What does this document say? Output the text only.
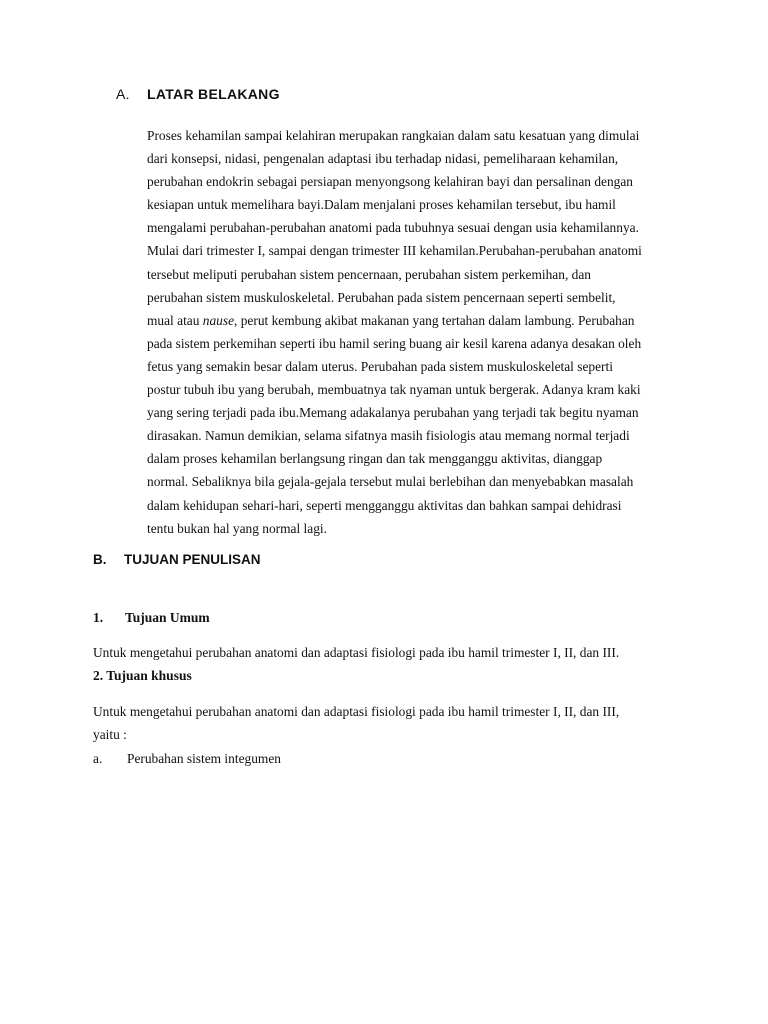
A. LATAR BELAKANG
Proses kehamilan sampai kelahiran merupakan rangkaian dalam satu kesatuan yang dimulai
dari konsepsi, nidasi, pengenalan adaptasi ibu terhadap nidasi, pemeliharaan kehamilan,
perubahan endokrin sebagai persiapan menyongsong kelahiran bayi dan persalinan dengan
kesiapan untuk memelihara bayi.Dalam menjalani proses kehamilan tersebut, ibu hamil
mengalami perubahan-perubahan anatomi pada tubuhnya sesuai dengan usia kehamilannya.
Mulai dari trimester I, sampai dengan trimester III kehamilan.Perubahan-perubahan anatomi
tersebut meliputi perubahan sistem pencernaan, perubahan sistem perkemihan, dan
perubahan sistem muskuloskeletal. Perubahan pada sistem pencernaan seperti sembelit,
mual atau nause, perut kembung akibat makanan yang tertahan dalam lambung. Perubahan
pada sistem perkemihan seperti ibu hamil sering buang air kesil karena adanya desakan oleh
fetus yang semakin besar dalam uterus. Perubahan pada sistem muskuloskeletal seperti
postur tubuh ibu yang berubah, membuatnya tak nyaman untuk bergerak. Adanya kram kaki
yang sering terjadi pada ibu.Memang adakalanya perubahan yang terjadi tak begitu nyaman
dirasakan. Namun demikian, selama sifatnya masih fisiologis atau memang normal terjadi
dalam proses kehamilan berlangsung ringan dan tak mengganggu aktivitas, dianggap
normal. Sebaliknya bila gejala-gejala tersebut mulai berlebihan dan menyebabkan masalah
dalam kehidupan sehari-hari, seperti mengganggu aktivitas dan bahkan sampai dehidrasi
tentu bukan hal yang normal lagi.
B. TUJUAN PENULISAN
1. Tujuan Umum
Untuk mengetahui perubahan anatomi dan adaptasi fisiologi pada ibu hamil trimester I, II, dan III.
2. Tujuan khusus
Untuk mengetahui perubahan anatomi dan adaptasi fisiologi pada ibu hamil trimester I, II, dan III,
yaitu :
a. Perubahan sistem integumen
